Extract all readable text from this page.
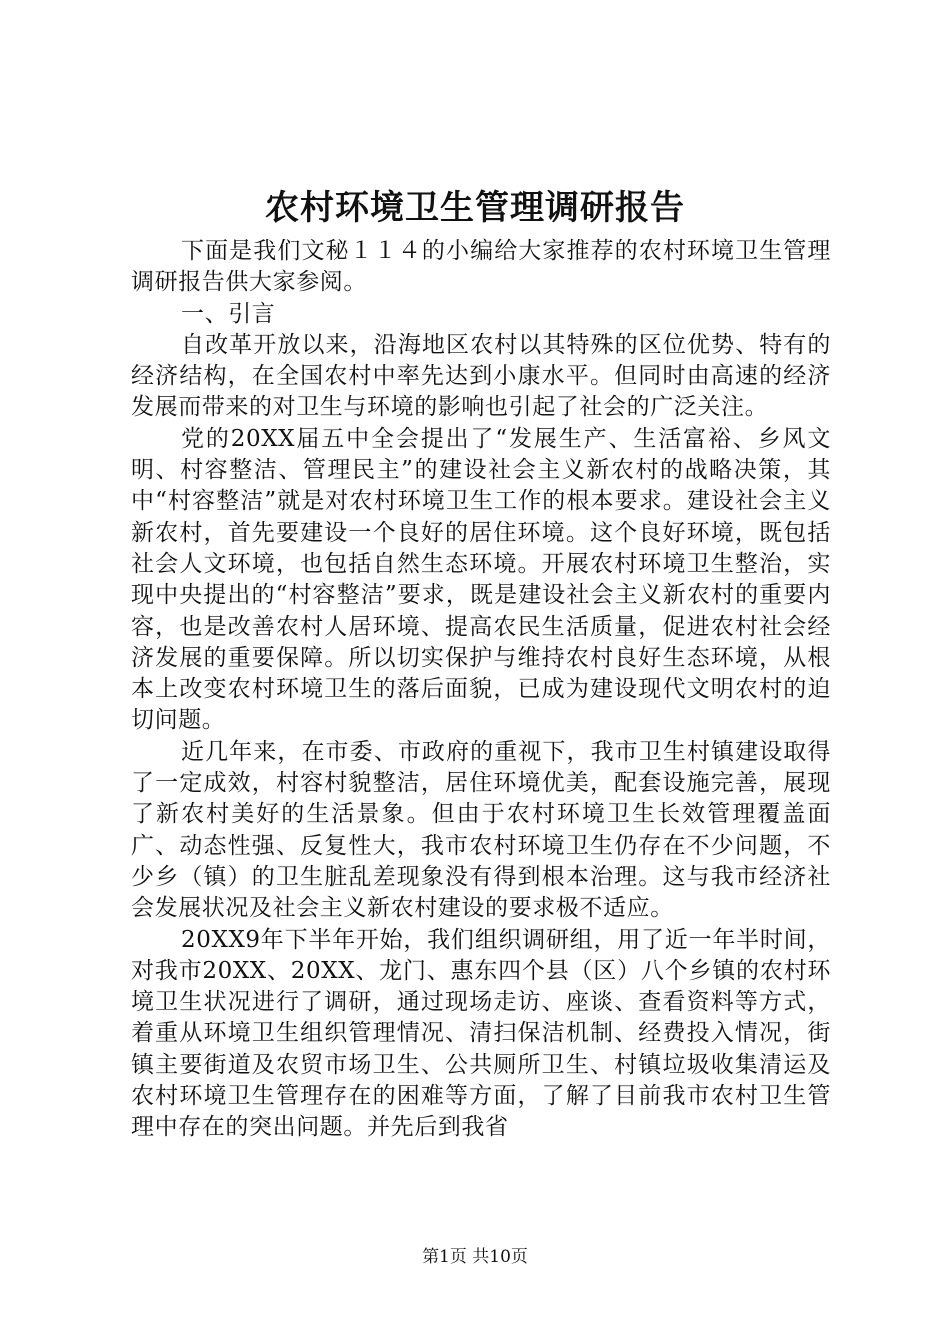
农村环境卫生管理调研报告

下面是我们文秘１１４的小编给大家推荐的农村环境卫生管理调研报告供大家参阅。

一、引言

自改革开放以来，沿海地区农村以其特殊的区位优势、特有的经济结构，在全国农村中率先达到小康水平。但同时由高速的经济发展而带来的对卫生与环境的影响也引起了社会的广泛关注。

党的20XX届五中全会提出了“发展生产、生活富裕、乡风文明、村容整洁、管理民主”的建设社会主义新农村的战略决策，其中“村容整洁”就是对农村环境卫生工作的根本要求。建设社会主义新农村，首先要建设一个良好的居住环境。这个良好环境，既包括社会人文环境，也包括自然生态环境。开展农村环境卫生整治，实现中央提出的“村容整洁”要求，既是建设社会主义新农村的重要内容，也是改善农村人居环境、提高农民生活质量，促进农村社会经济发展的重要保障。所以切实保护与维持农村良好生态环境，从根本上改变农村环境卫生的落后面貌，已成为建设现代文明农村的迫切问题。

近几年来，在市委、市政府的重视下，我市卫生村镇建设取得了一定成效，村容村貌整洁，居住环境优美，配套设施完善，展现了新农村美好的生活景象。但由于农村环境卫生长效管理覆盖面广、动态性强、反复性大，我市农村环境卫生仍存在不少问题，不少乡（镇）的卫生脏乱差现象没有得到根本治理。这与我市经济社会发展状况及社会主义新农村建设的要求极不适应。

20XX9年下半年开始，我们组织调研组，用了近一年半时间，对我市20XX、20XX、龙门、惠东四个县（区）八个乡镇的农村环境卫生状况进行了调研，通过现场走访、座谈、查看资料等方式，着重从环境卫生组织管理情况、清扫保洁机制、经费投入情况，街镇主要街道及农贸市场卫生、公共厕所卫生、村镇垃圾收集清运及农村环境卫生管理存在的困难等方面，了解了目前我市农村卫生管理中存在的突出问题。并先后到我省

第1页 共10页
